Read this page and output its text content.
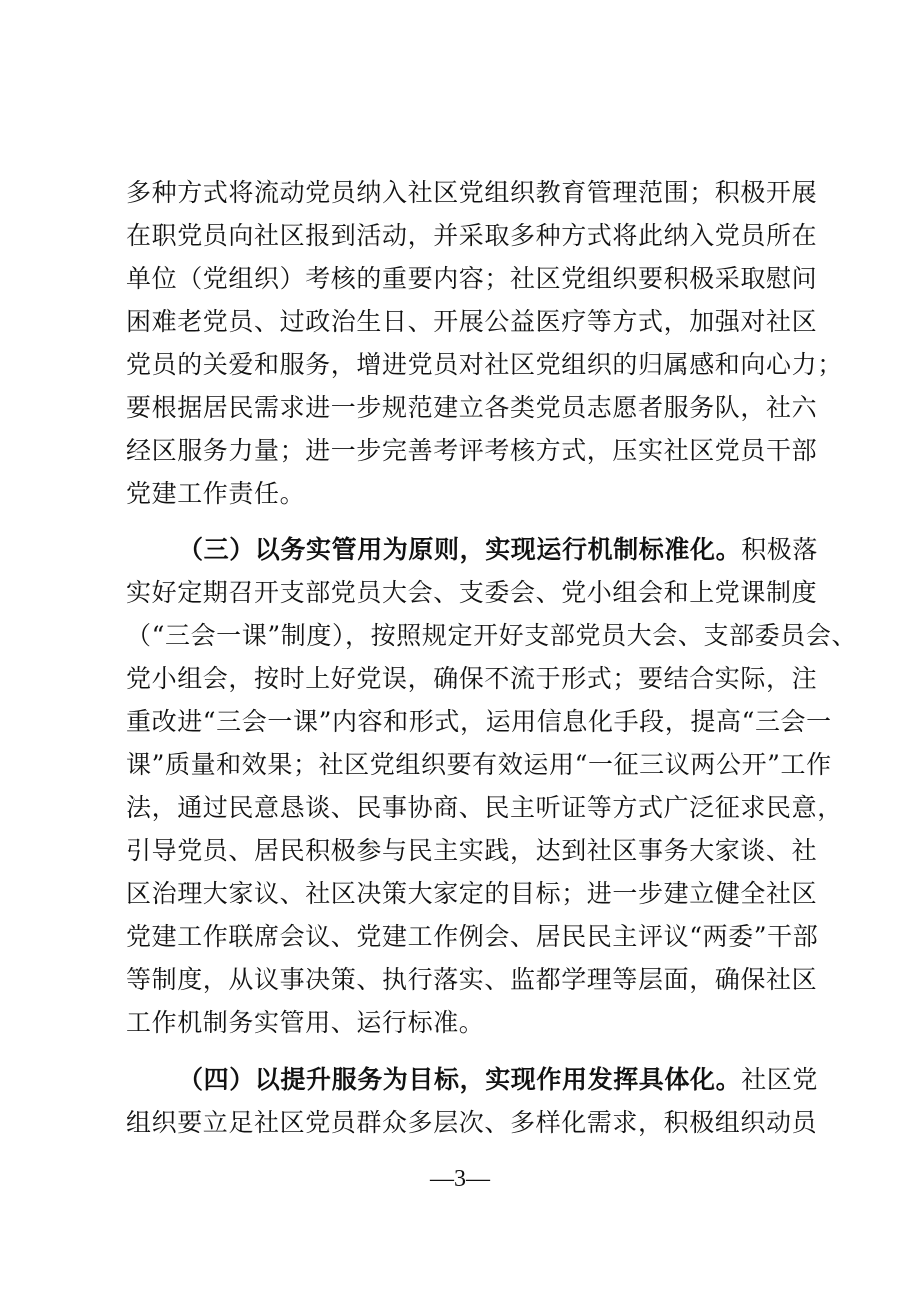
多种方式将流动党员纳入社区党组织教育管理范围；积极开展
在职党员向社区报到活动，并采取多种方式将此纳入党员所在
单位（党组织）考核的重要内容；社区党组织要积极采取慰问
困难老党员、过政治生日、开展公益医疗等方式，加强对社区
党员的关爱和服务，增进党员对社区党组织的归属感和向心力；
要根据居民需求进一步规范建立各类党员志愿者服务队，社六
经区服务力量；进一步完善考评考核方式，压实社区党员干部
党建工作责任。
（三）以务实管用为原则，实现运行机制标准化。积极落
实好定期召开支部党员大会、支委会、党小组会和上党课制度
（“三会一课”制度），按照规定开好支部党员大会、支部委员会、
党小组会，按时上好党误，确保不流于形式；要结合实际，注
重改进“三会一课”内容和形式，运用信息化手段，提高“三会一
课”质量和效果；社区党组织要有效运用“一征三议两公开”工作
法，通过民意恳谈、民事协商、民主听证等方式广泛征求民意，
引导党员、居民积极参与民主实践，达到社区事务大家谈、社
区治理大家议、社区决策大家定的目标；进一步建立健全社区
党建工作联席会议、党建工作例会、居民民主评议“两委”干部
等制度，从议事决策、执行落实、监都学理等层面，确保社区
工作机制务实管用、运行标准。
（四）以提升服务为目标，实现作用发挥具体化。社区党
组织要立足社区党员群众多层次、多样化需求，积极组织动员
—3—
